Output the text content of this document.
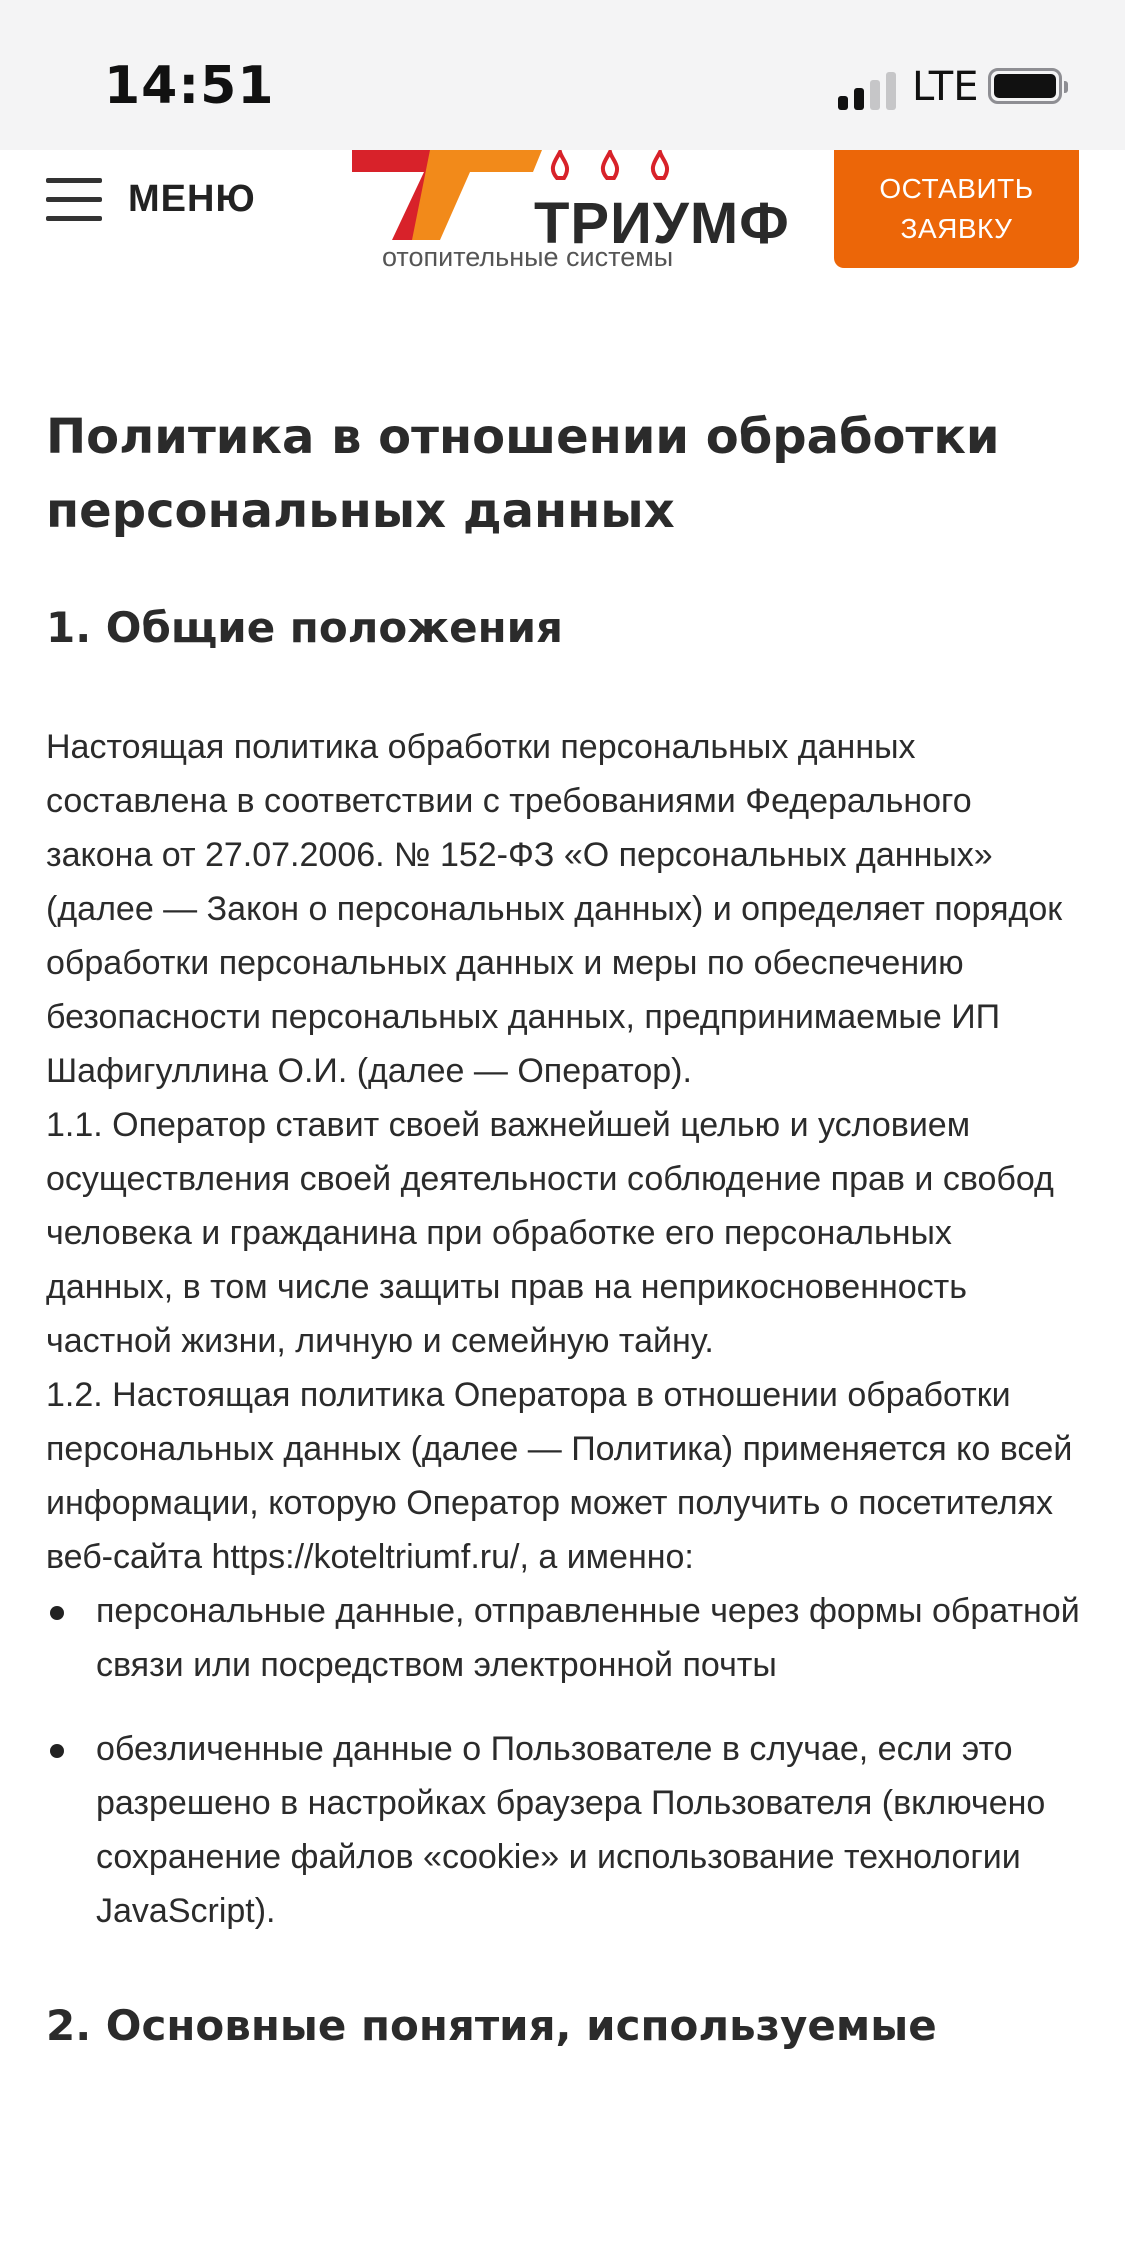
14:51	LTE
МЕНЮ	ТРИУМФ
отопительные системы
ОСТАВИТЬ ЗАЯВКУ
Политика в отношении обработки персональных данных
1. Общие положения

Настоящая политика обработки персональных данных составлена в соответствии с требованиями Федерального закона от 27.07.2006. № 152-ФЗ «О персональных данных» (далее — Закон о персональных данных) и определяет порядок обработки персональных данных и меры по обеспечению безопасности персональных данных, предпринимаемые ИП Шафигуллина О.И. (далее — Оператор).

1.1. Оператор ставит своей важнейшей целью и условием осуществления своей деятельности соблюдение прав и свобод человека и гражданина при обработке его персональных данных, в том числе защиты прав на неприкосновенность частной жизни, личную и семейную тайну.

1.2. Настоящая политика Оператора в отношении обработки персональных данных (далее — Политика) применяется ко всей информации, которую Оператор может получить о посетителях веб-сайта https://koteltriumf.ru/, а именно:

персональные данные, отправленные через формы обратной связи или посредством электронной почты
обезличенные данные о Пользователе в случае, если это разрешено в настройках браузера Пользователя (включено сохранение файлов «cookie» и использование технологии JavaScript).
2. Основные понятия, используемые
